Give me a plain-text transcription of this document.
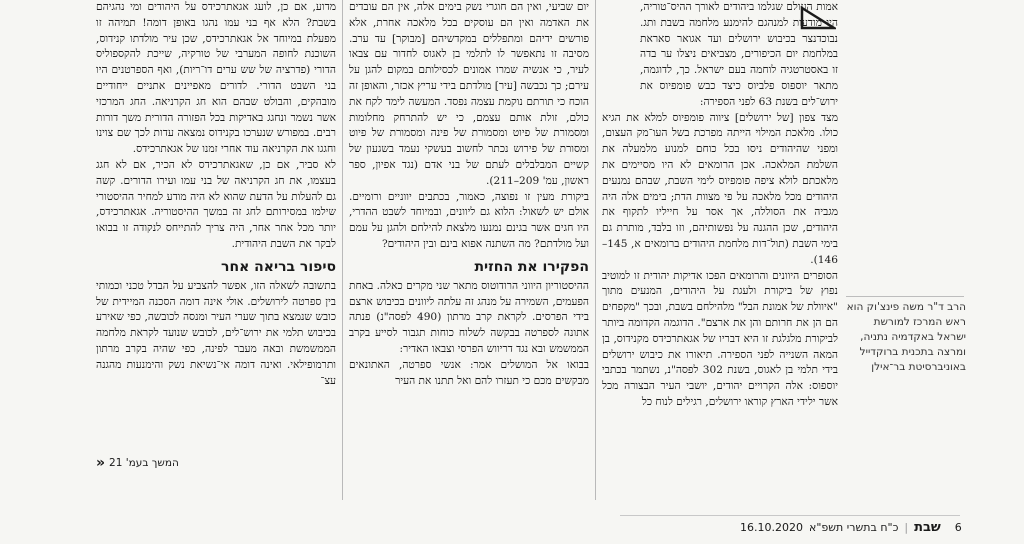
אמות העולם שגלמו ביהודים לאורך ההיס־טוריה, היו מודעות למנהגם להימנע מלחמה בשבת ותג. נבוכדנצר בכיבוש ירושלים ועד אגואר סאראת במלחמת יום הכיפורים, מצביאים ניצלו ער בדה זו באסטרטגיה לוחמה בעם ישראל. כך, לדוגמה, מתאר יוספוס פלביוס כיצד כבש פומפיוס את ירוש־לים בשנת 63 לפני הספירה:

מצד צפון [של ירושלים] ציווה פומפיוס למלא את הגיא כולו. מלאכת המילוי הייתה מפרכת בשל העו־מק העצום, ומפני שהיהודים ניסו בכל כוחם למנוע מלמעלה את השלמת המלאכה. אכן הרומאים לא היו מסיימים את מלאכתם לולא ציפה פומפיוס לימי השבת, שבהם נמנעים היהודים מכל מלאכה על פי מצוות הדת; בימים אלה היה מגביה את הסוללה, אך אסר על חייליו לתקוף את היהודים, שכן ההגנה על נפשותיהם, וזו בלבד, מותרת גם בימי השבת (תול־דות מלחמת היהודים ברומאים א, 145–146).

הסופרים היוונים והרומאים הפכו אדיקות יהודית זו למוטיב נפוץ של ביקורת ולעגת על היהודים, המנעים מתוך "איוולת של אמונת הבל" מלהילחם בשבת, ובכך "מקפחים הם הן את חרותם והן את ארצם". הדוגמה הקדומה ביותר לביקורת מלגלגת זו היא דבריו של אגאתרכידס מקנידוס, בן המאה השנייה לפני הספירה. תיאורו את כיבוש ירושלים בידי תלמי בן לאגוס, בשנת 302 לפסה"נ, נשתמר בכתבי יוספוס: אלה הקרויים יהודים, יושבי העיר הבצורה מכל אשר ילידי הארץ קוראו ירושלים, רגילים לנוח כל

יום שביעי, ואין הם חוגרי נשק בימים אלה, אין הם עובדים את האדמה ואין הם עוסקים בכל מלאכה אחרת, אלא פורשים ידיהם ומתפללים במקדשיהם [מבוקר] עד ערב. מסיבה זו נתאפשר לו לתלמי בן לאגוס לחדור עם צבאו לעיר, כי אנשיה שמרו אמונים לכסילותם במקום להגן על עירם; כך נכבשה [עיר] מולדתם בידי עריץ אכזר, והאופן זה הוכח כי תורתם נוקמת עצמה נפסד. המעשה לימד לקח את כולם, זולת אותם עצמם, כי יש להתרחק מחלומות ומסמורת של פיוט ומסמורת של פינה ומסמורת של פיוט ומסורת של פירוש נכתר לחשוב בעשקי נעמד בשגעון של קשיים המבלבלים לעתם של בני אדם (נגד אפיון, ספר ראשון, עמ' 209–211).

ביקורת מעין זו נפוצה, כאמור, בכתבים יווניים ורומיים. אולם יש לשאול: הלוא גם ליוונים, ובמיוחד לשבט ההדרי, היו חגים אשר בגינם נמנעו מלצאת להילחם ולהגן על עמם ועל מולדתם? מה השתנה אפוא בינם ובין היהודים?

הפקירו את החזית

ההיסטוריון היווני הרודוטוס מתאר שני מקרים כאלה. באחת הפעמים, השמירה על מנהג זה עלתה ליוונים בכיבוש ארצם בידי הפרסים. לקראת קרב מרתון (490 לפסה"נ) פנתה אתונה לספרטה בבקשה לשלוח כוחות תגבור לסייע בקרב הממשמש ובא נגד דריווש הפרסי וצבאו האדיר:

בבואו אל המושלים אמר: אנשי ספרטה, האתונאים מבקשים מכם כי תעזרו להם ואל תתנו את העיר

מדוע, אם כן, לועג אגאתרכידס על היהודים ומי נהגיהם בשבת? הלא אף בני עמו נהגו באופן דומה! תמיהה זו מפעלת במיוחד אל אגאתרכידס, שכן עיר מולדתו קנידוס, השוכנת לחופה המערבי של טורקיה, שייכת להקספוליס הדורי (פדרציה של שש ערים דו־ריות), ואף הספרטנים היו בני השבט הדורי. לדורים מאפיינים אתניים ייחודיים מובהקים, והבולט שבהם הוא חג הקרניאה. החג המרכזי אשר נשמר ונחגג באדיקות בכל הפזורה הדורית משך דורות רבים. במפורש שנערכו בקנידוס נמצאה עדות לכך שם צוינו וחגגו את הקרניאה עוד אחרי זמנו של אגאתרכידס.

לא סביר, אם כן, שאגאתרכידס לא הכיר, אם לא חגג בעצמו, את חג הקרניאה של בני עמו ועירו הדורים. קשה גם להעלות על הדעת שהוא לא היה מודע למחיר ההיסטורי שילמו במסירותם לחג זה במשך ההיסטוריה. אגאתרכידס, יותר מכל אחר אחר, היה צריך להתייחס לנקודה זו בבואו לבקר את השבת היהודית.

סיפור בריאה אחר

בתשובה לשאלה הזו, אפשר להצביע על הבדל טכני וכמותי בין ספרטה לירושלים. אולי אינה דומה הסכנה המיידית של כובש שנמצא בתוך שערי העיר ומנסה לכובשה, כפי שאירע בכיבוש תלמי את ירוש־לים, לכובש שנועד לקראת מלחמה הממשמשת ובאה מעבר לפינה, כפי שהיה בקרב מרתון ותרמופילאי. ואינה דומה אי־נשיאת נשק והימנעות מהגנה עצ־

המשך בעמ' 21
«
הרב ד"ר משה פינצ'וק הוא ראש המרכז למורשת ישראל באקדמיה נתניה, ומרצה בתכנית ברוקדייל באוניברסיטת בר־אילן
16.10.2020 כ"ח בתשרי תשפ"א | שבת 6
